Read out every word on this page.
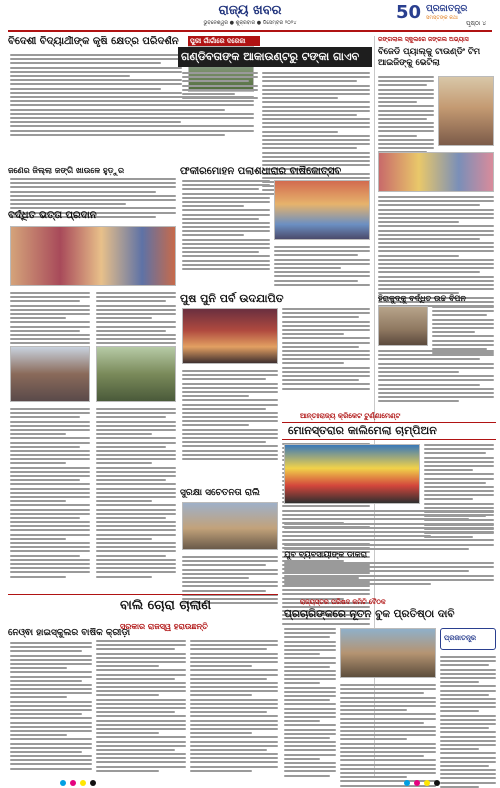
ରାଜ୍ୟ ଖବର
ଭୁବନେଶ୍ୱର ● ଶୁକ୍ରବାର ● ଡିସେମ୍ବର ୨୦୨୪	50 ପ୍ରଜାତନ୍ତ୍ର
ସମସ୍ତଙ୍କ କଥା
ପୃଷ୍ଠା ୪
ବିଦେଶୀ ବିଦ୍ୟାର୍ଥୀଙ୍କ କୃଷି କ୍ଷେତ୍ର ପରିଦର୍ଶନ	ପୁରୀ ଗାଁଗାଁରେ ଦରେଜା
ଗଣ୍ଡିବତାଙ୍କ ଆକାଉଣ୍ଟରୁ ଟଙ୍କା ଗାଏବ
ରଙ୍ଗଲାଲ ସ୍କୁଲରେ ଜଙ୍ଗଲ ଅଭ୍ୟାସ
ବିଜେଡି ପ୍ୟାଲ୍‌କୁ ଟାଉଣ୍ଡିଂ ଟିମ ଆଇଜିଙ୍କୁ ଭେଟିଲା
ହିରାକୁଦ୍‌କୁ ବର୍ଦ୍ଧିତ ଉଚ୍ଚ ବିପନ
ଜଣେର ଜିଲ୍ଲା ଜଙ୍ଗି ଖାଉଳେ ହୁଡ଼ୁର
ବର୍ଦ୍ଧିତ ଭତ୍ତା ପ୍ରଦାନ
ଫକୀରମୋହନ ପଲାଶଧାରାର ବାର୍ଷିକୋତ୍ସବ
ପୁଷ ପୁନି ପର୍ବ ଉଦଯାପିତ
ସୁରକ୍ଷା ସଚେତନତା ରାଲି
ଆନ୍ତଃରାଜ୍ୟ କ୍ରିକେଟ ଟୁର୍ଣ୍ଣାମେଣ୍ଟ
ମୋନସ୍ତରାର କାଲିମେଲା ଚାମ୍ପିଅନ
ଯୁବ ବ୍ୟବସାୟୀଙ୍କ ଡାକରା
ବାଲି ଚୋରା ଚାଲାଣ
ନେଓ୍ଵା ହାଇସ୍କୁଲର ବାର୍ଷିକ କ୍ରୀଡ଼ା
ସରକାର ରାଜସ୍ୱ ହରାଉଛନ୍ତି
ରାଜ୍ୟସ୍ତର ପରିଷଦ କମିଟି ବୈଠକ
ପ୍ରଚାରିଙ୍କରେ ନୂତନ ବୁକ ପ୍ରତିଷ୍ଠା ଦାବି
ପ୍ରଜାତନ୍ତ୍ର
